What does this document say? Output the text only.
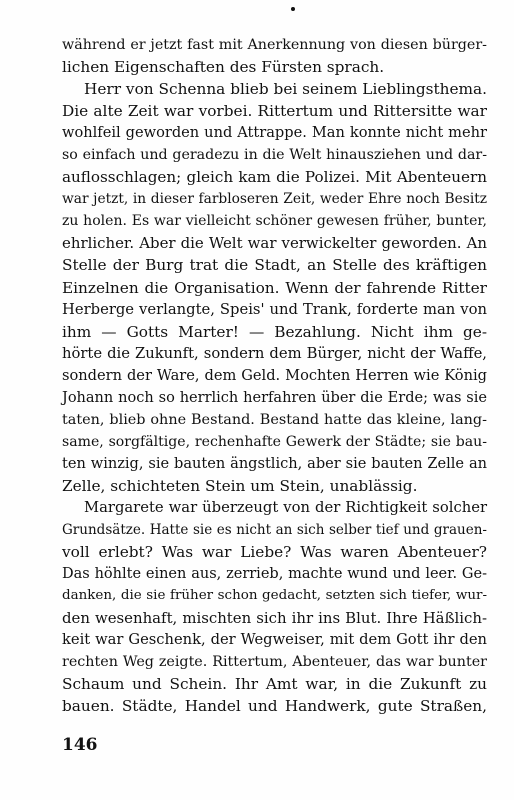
während er jetzt fast mit Anerkennung von diesen bürger-
lichen Eigenschaften des Fürsten sprach.
Herr von Schenna blieb bei seinem Lieblingsthema.
Die alte Zeit war vorbei. Rittertum und Rittersitte war
wohlfeil geworden und Attrappe. Man konnte nicht mehr
so einfach und geradezu in die Welt hinausziehen und dar-
auflosschlagen; gleich kam die Polizei. Mit Abenteuern
war jetzt, in dieser farbloseren Zeit, weder Ehre noch Besitz
zu holen. Es war vielleicht schöner gewesen früher, bunter,
ehrlicher. Aber die Welt war verwickelter geworden. An
Stelle der Burg trat die Stadt, an Stelle des kräftigen
Einzelnen die Organisation. Wenn der fahrende Ritter
Herberge verlangte, Speis' und Trank, forderte man von
ihm — Gotts Marter! — Bezahlung. Nicht ihm ge-
hörte die Zukunft, sondern dem Bürger, nicht der Waffe,
sondern der Ware, dem Geld. Mochten Herren wie König
Johann noch so herrlich herfahren über die Erde; was sie
taten, blieb ohne Bestand. Bestand hatte das kleine, lang-
same, sorgfältige, rechenhafte Gewerk der Städte; sie bau-
ten winzig, sie bauten ängstlich, aber sie bauten Zelle an
Zelle, schichteten Stein um Stein, unablässig.
Margarete war überzeugt von der Richtigkeit solcher
Grundsätze. Hatte sie es nicht an sich selber tief und grauen-
voll erlebt? Was war Liebe? Was waren Abenteuer?
Das höhlte einen aus, zerrieb, machte wund und leer. Ge-
danken, die sie früher schon gedacht, setzten sich tiefer, wur-
den wesenhaft, mischten sich ihr ins Blut. Ihre Häßlich-
keit war Geschenk, der Wegweiser, mit dem Gott ihr den
rechten Weg zeigte. Rittertum, Abenteuer, das war bunter
Schaum und Schein. Ihr Amt war, in die Zukunft zu
bauen. Städte, Handel und Handwerk, gute Straßen,
146
